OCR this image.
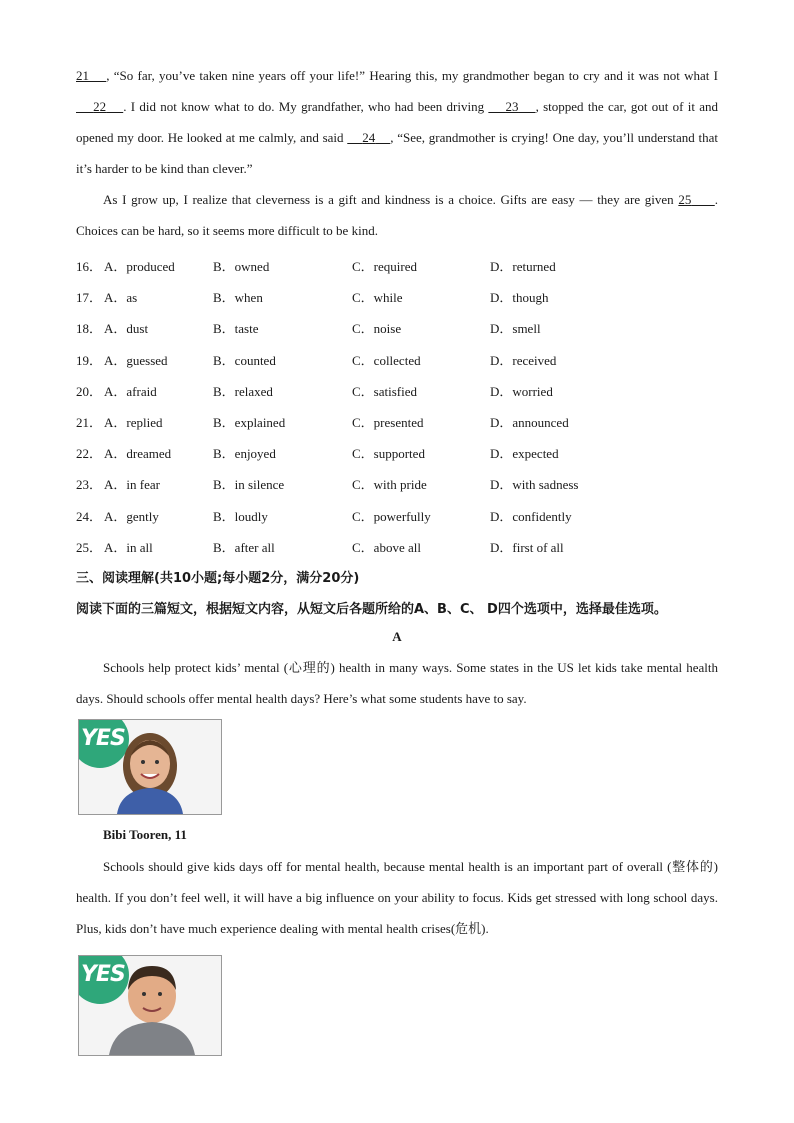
21 , “So far, you’ve taken nine years off your life!” Hearing this, my grandmother began to cry and it was not what I     22 . I did not know what to do. My grandfather, who had been driving     23 , stopped the car, got out of it and opened my door. He looked at me calmly, and said     24 , “See, grandmother is crying! One day, you’ll understand that it’s harder to be kind than clever.”

As I grow up, I realize that cleverness is a gift and kindness is a choice. Gifts are easy — they are given 25 . Choices can be hard, so it seems more difficult to be kind.

16． A．produced	B．owned	C．required	D．returned
17． A．as	B．when	C．while	D．though
18． A．dust	B．taste	C．noise	D．smell
19． A．guessed	B．counted	C．collected	D．received
20． A．afraid	B．relaxed	C．satisfied	D．worried
21． A．replied	B．explained	C．presented	D．announced
22． A．dreamed	B．enjoyed	C．supported	D．expected
23． A．in fear	B．in silence	C．with pride	D．with sadness
24． A．gently	B．loudly	C．powerfully	D．confidently
25． A．in all	B．after all	C．above all	D．first of all
三、阅读理解(共10小题;每小题2分，满分20分)
阅读下面的三篇短文，根据短文内容，从短文后各题所给的A、B、C、 D四个选项中，选择最佳选项。
A

Schools help protect kids’ mental (心理的) health in many ways. Some states in the US let kids take mental health days. Should schools offer mental health days? Here’s what some students have to say.

YES
Bibi Tooren, 11

Schools should give kids days off for mental health, because mental health is an important part of overall (整体的) health. If you don’t feel well, it will have a big influence on your ability to focus. Kids get stressed with long school days. Plus, kids don’t have much experience dealing with mental health crises(危机).

YES
